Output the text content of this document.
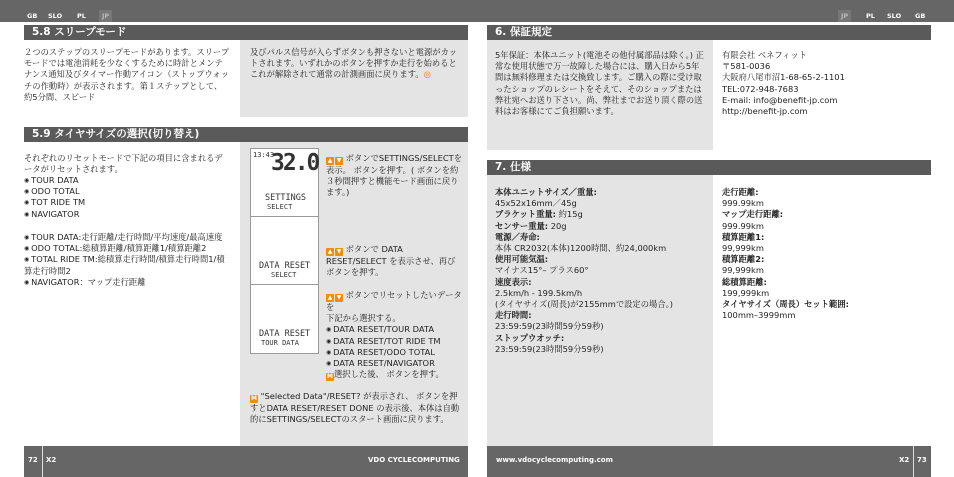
GB SLO PL	JP	JP	PL SLO GB
5.8 スリープモード
２つのステップのスリープモードがあります。スリープモードでは電池消耗を少なくするために時計とメンテナンス通知及びタイマー作動アイコン（ストップウォッチの作動時）が表示されます。第１ステップとして、約5分間、スピード
及びパルス信号が入らずボタンも押さないと電源がカットされます。いずれかのボタンを押すか走行を始めるとこれが解除されて通常の計測画面に戻ります。◎
5.9 タイヤサイズの選択(切り替え)
それぞれのリセットモードで下記の項目に含まれるデータがリセットされます。

◉ TOUR DATA

◉ ODO TOTAL

◉ TOT RIDE TM

◉ NAVIGATOR

◉ TOUR DATA:走行距離/走行時間/平均速度/最高速度

◉ ODO TOTAL:総積算距離/積算距離1/積算距離2

◉ TOTAL RIDE TM:総積算走行時間/積算走行時間1/積算走行時間2

◉ NAVIGATOR：マップ走行距離

13:43
32.0
SETTINGS
SELECT
DATA RESET
SELECT
DATA RESET
TOUR DATA
▲ ▼ ボタンでSETTINGS/SELECTを表示。 ボタンを押す。( ボタンを約３秒間押すと機能モード画面に戻ります。)
▲ ▼ ボタンで DATA RESET/SELECT を表示させ、再び ボタンを押す。

▲ ▼ ボタンでリセットしたいデータを

下記から選択する。

◉ DATA RESET/TOUR DATA

◉ DATA RESET/TOT RIDE TM

◉ DATA RESET/ODO TOTAL

◉ DATA RESET/NAVIGATOR

M選択した後、 ボタンを押す。

M "Selected Data"/RESET? が表示され、 ボタンを押すとDATA RESET/RESET DONE の表示後、本体は自動的にSETTINGS/SELECTのスタート画面に戻ります。
6. 保証規定
5年保証：本体ユニット(電池その他付属部品は除く。) 正常な使用状態で万一故障した場合には、購入日から5年間は無料修理または交換致します。ご購入の際に受け取ったショップのレシートをそえて、そのショップまたは弊社宛へお送り下さい。尚、弊社までお送り頂く際の送料はお客様にてご負担願います。

有限会社 ベネフィット

〒581-0036

大阪府八尾市沼1-68-65-2-1101

TEL:072-948-7683

E-mail: info@benefit-jp.com

http://benefit-jp.com

7. 仕様

本体ユニットサイズ／重量:

45x52x16mm／45g

ブラケット重量: 約15g

センサー重量: 20g

電源／寿命:

本体 CR2032(本体)1200時間、約24,000km

使用可能気温:

マイナス15°– プラス60°

速度表示:

2.5km/h - 199.5km/h

(タイヤサイズ(周長)が2155mmで設定の場合。)

走行時間:

23:59:59(23時間59分59秒)

ストップウオッチ:

23:59:59(23時間59分59秒)

走行距離:

999.99km

マップ走行距離:

999.99km

積算距離1:

99,999km

積算距離2:

99,999km

総積算距離:

199,999km

タイヤサイズ（周長）セット範囲:

100mm–3999mm

72 X2	VDO CYCLECOMPUTING	www.vdocyclecomputing.com	X2 73
